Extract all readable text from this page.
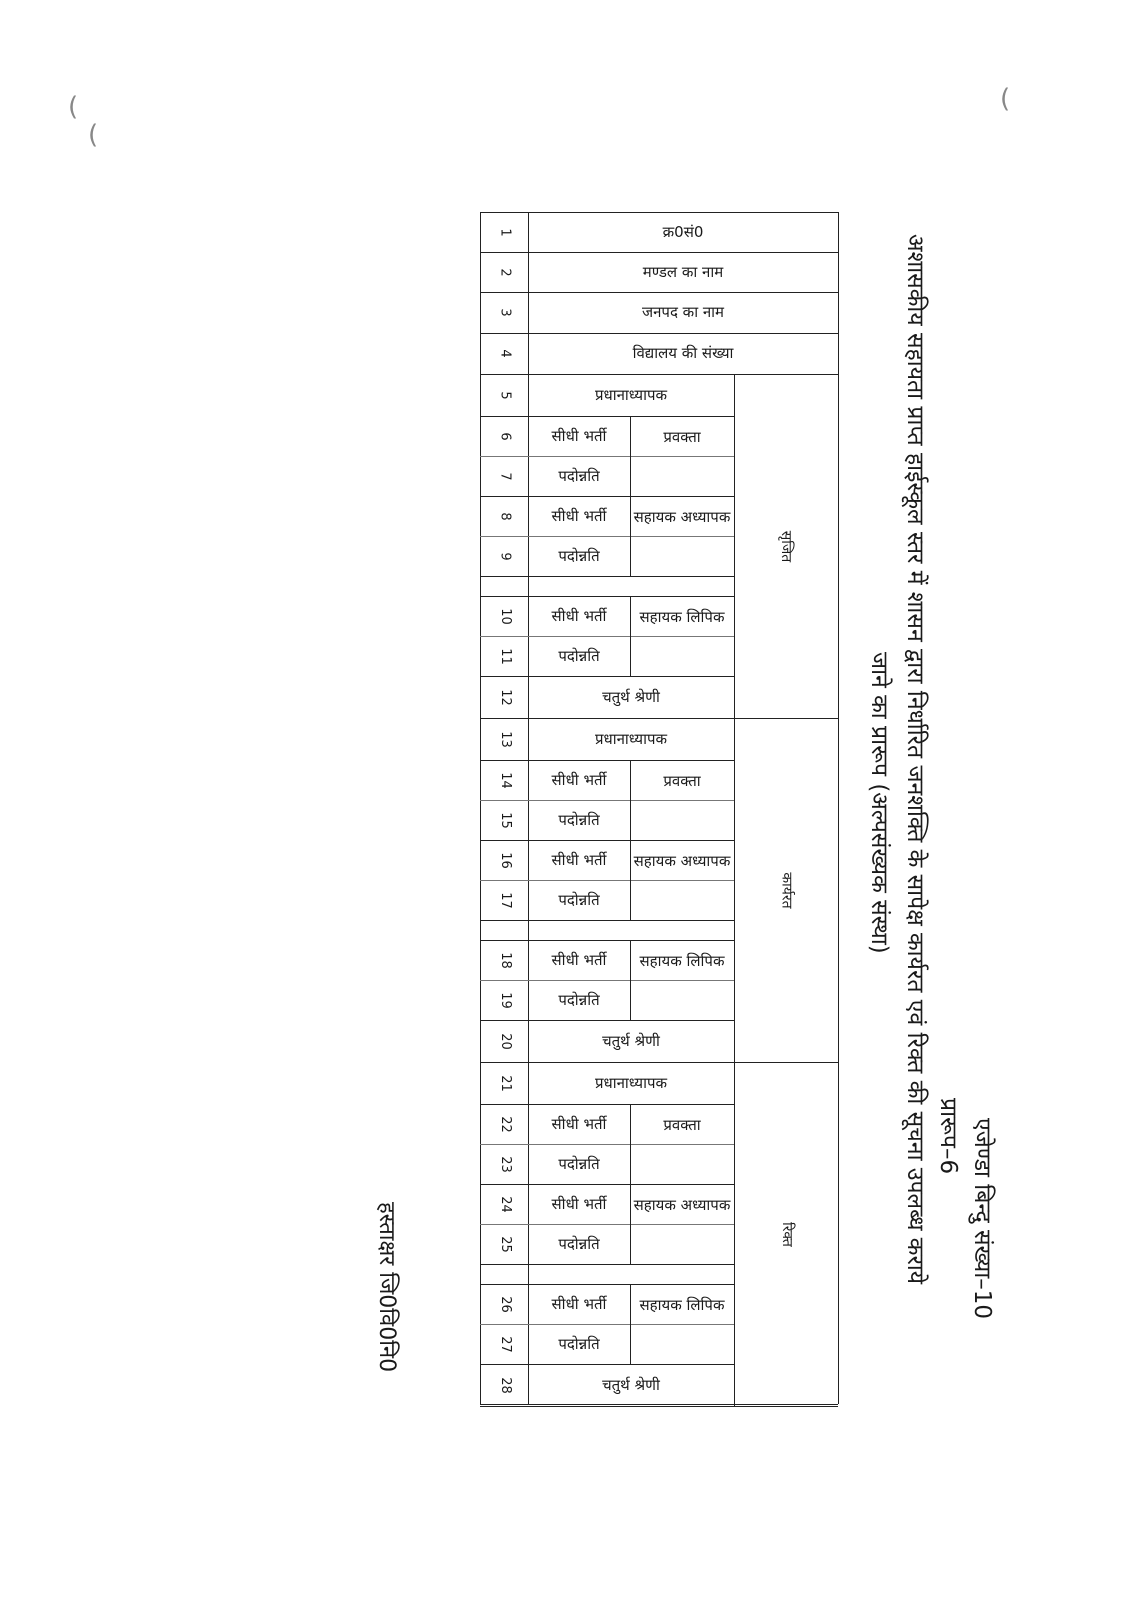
एजेण्डा बिन्दु संख्या–10
प्रारूप–6
अशासकीय सहायता प्राप्त हाईस्कूल स्तर में शासन द्वारा निर्धारित जनशक्ति के सापेक्ष कार्यरत एवं रिक्त की सूचना उपलब्ध कराये
जाने का प्रारूप (अल्पसंख्यक संस्था)
हस्ताक्षर जि0वि0नि0
(
(
(
क्र0सं0
मण्डल का नाम
जनपद का नाम
विद्यालय की संख्या
प्रधानाध्यापक
सीधी भर्ती
पदोन्नति
प्रवक्ता
सीधी भर्ती
पदोन्नति
सहायक अध्यापक
सीधी भर्ती
पदोन्नति
सहायक लिपिक
चतुर्थ श्रेणी
सृजित
प्रधानाध्यापक
सीधी भर्ती
पदोन्नति
प्रवक्ता
सीधी भर्ती
पदोन्नति
सहायक अध्यापक
सीधी भर्ती
पदोन्नति
सहायक लिपिक
चतुर्थ श्रेणी
कार्यरत
प्रधानाध्यापक
सीधी भर्ती
पदोन्नति
प्रवक्ता
सीधी भर्ती
पदोन्नति
सहायक अध्यापक
सीधी भर्ती
पदोन्नति
सहायक लिपिक
चतुर्थ श्रेणी
रिक्त
1
2
3
4
5
6
7
8
9
10
11
12
13
14
15
16
17
18
19
20
21
22
23
24
25
26
27
28
